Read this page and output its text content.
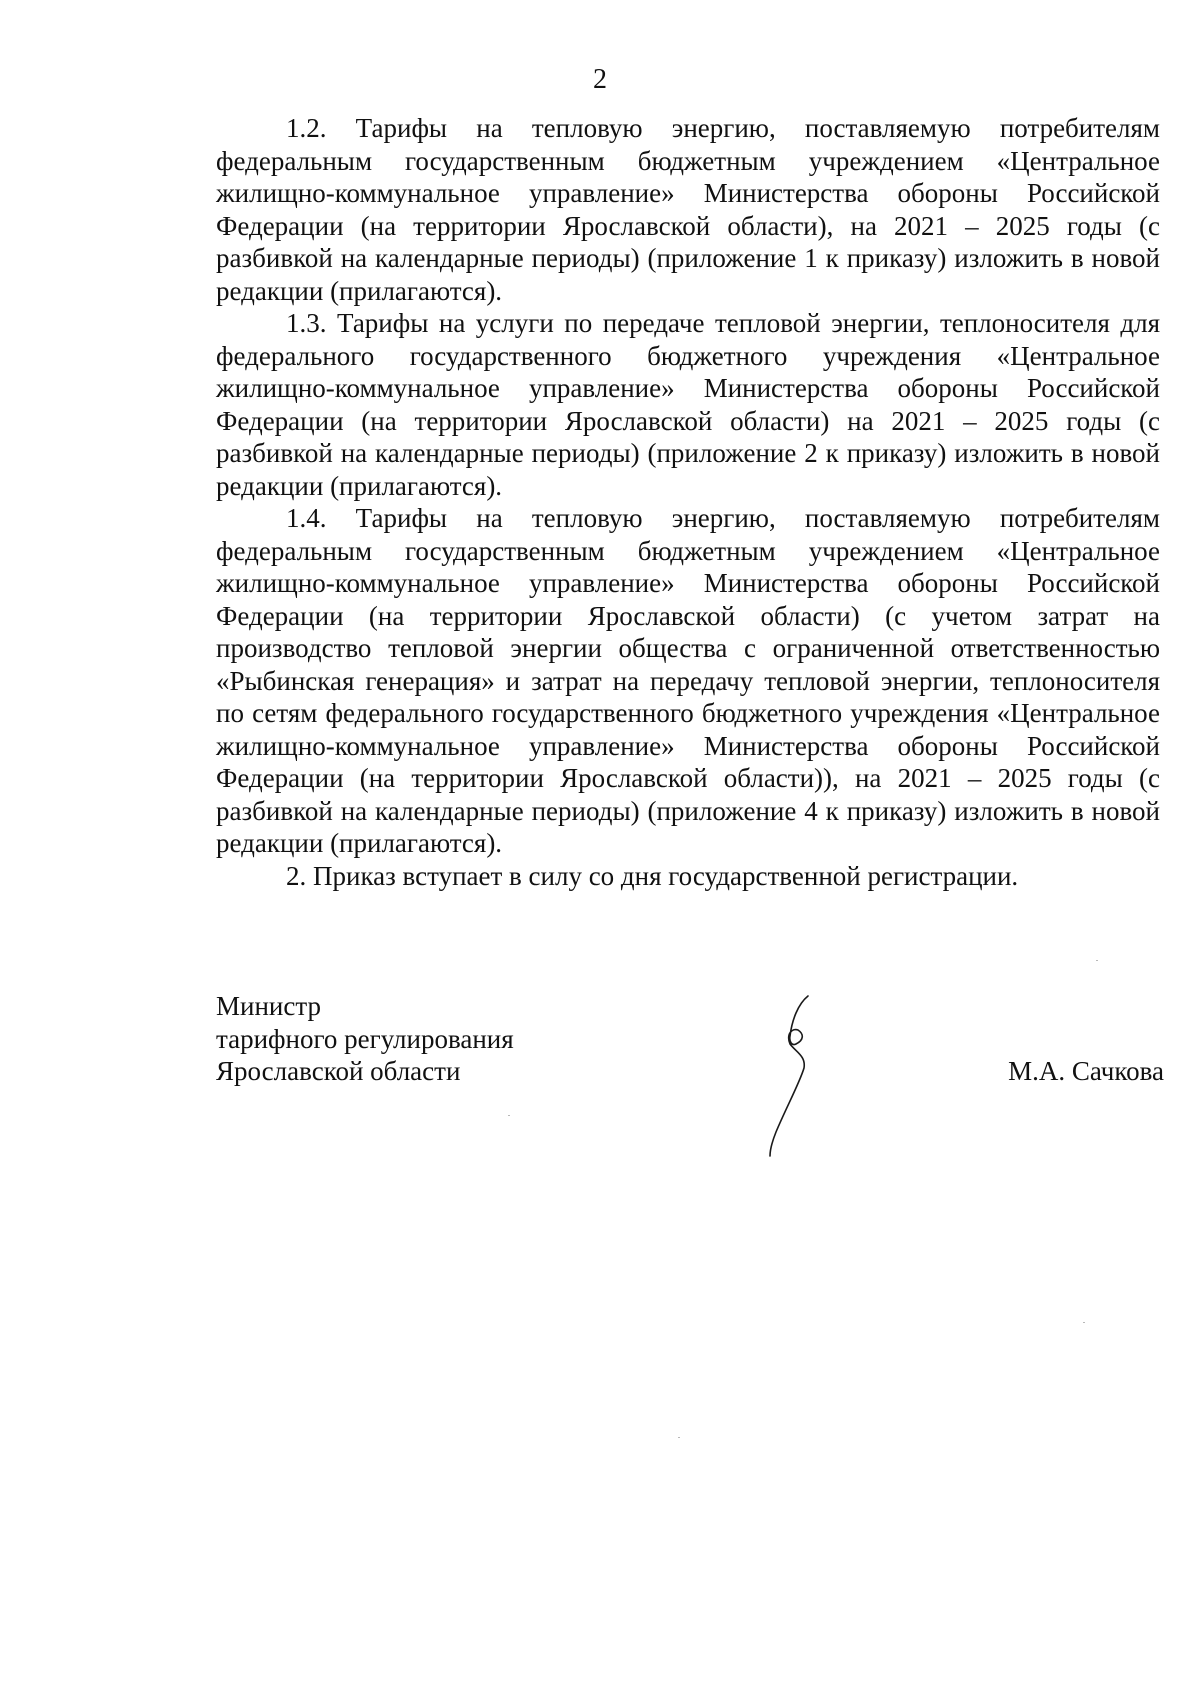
2

1.2. Тарифы на тепловую энергию, поставляемую потребителям федеральным государственным бюджетным учреждением «Центральное жилищно-коммунальное управление» Министерства обороны Российской Федерации (на территории Ярославской области), на 2021 – 2025 годы (с разбивкой на календарные периоды) (приложение 1 к приказу) изложить в новой редакции (прилагаются).

1.3. Тарифы на услуги по передаче тепловой энергии, теплоносителя для федерального государственного бюджетного учреждения «Центральное жилищно-коммунальное управление» Министерства обороны Российской Федерации (на территории Ярославской области) на 2021 – 2025 годы (с разбивкой на календарные периоды) (приложение 2 к приказу) изложить в новой редакции (прилагаются).

1.4. Тарифы на тепловую энергию, поставляемую потребителям федеральным государственным бюджетным учреждением «Центральное жилищно-коммунальное управление» Министерства обороны Российской Федерации (на территории Ярославской области) (с учетом затрат на производство тепловой энергии общества с ограниченной ответственностью «Рыбинская генерация» и затрат на передачу тепловой энергии, теплоносителя по сетям федерального государственного бюджетного учреждения «Центральное жилищно-коммунальное управление» Министерства обороны Российской Федерации (на территории Ярославской области)), на 2021 – 2025 годы (с разбивкой на календарные периоды) (приложение 4 к приказу) изложить в новой редакции (прилагаются).

2. Приказ вступает в силу со дня государственной регистрации.

Министр
тарифного регулирования
Ярославской области	М.А. Сачкова
